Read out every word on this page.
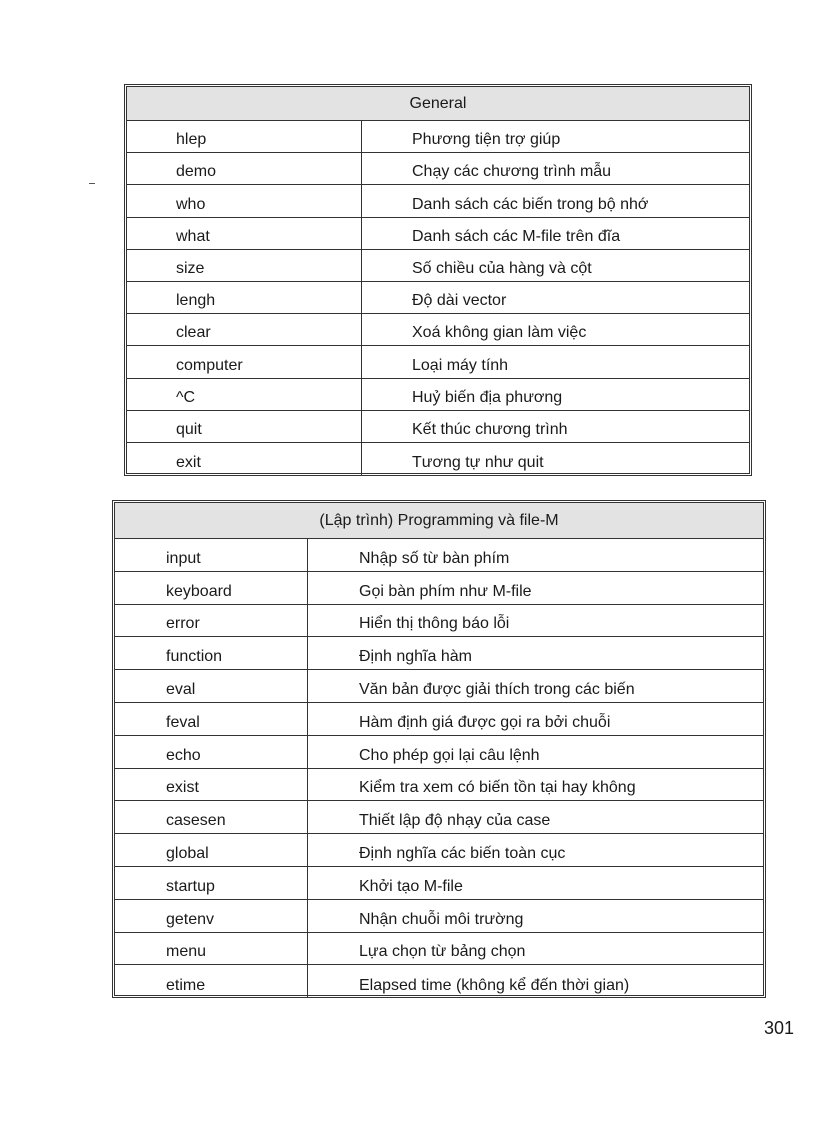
General
hlep	Phương tiện trợ giúp
demo	Chạy các chương trình mẫu
who	Danh sách các biến trong bộ nhớ
what	Danh sách các M-file trên đĩa
size	Số chiều của hàng và cột
lengh	Độ dài vector
clear	Xoá không gian làm việc
computer	Loại máy tính
^C	Huỷ biến địa phương
quit	Kết thúc chương trình
exit	Tương tự như quit
(Lập trình) Programming và file-M
input	Nhập số từ bàn phím
keyboard	Gọi bàn phím như M-file
error	Hiển thị thông báo lỗi
function	Định nghĩa hàm
eval	Văn bản được giải thích trong các biến
feval	Hàm định giá được gọi ra bởi chuỗi
echo	Cho phép gọi lại câu lệnh
exist	Kiểm tra xem có biến tồn tại hay không
casesen	Thiết lập độ nhạy của case
global	Định nghĩa các biến toàn cục
startup	Khởi tạo M-file
getenv	Nhận chuỗi môi trường
menu	Lựa chọn từ bảng chọn
etime	Elapsed time (không kể đến thời gian)
301
